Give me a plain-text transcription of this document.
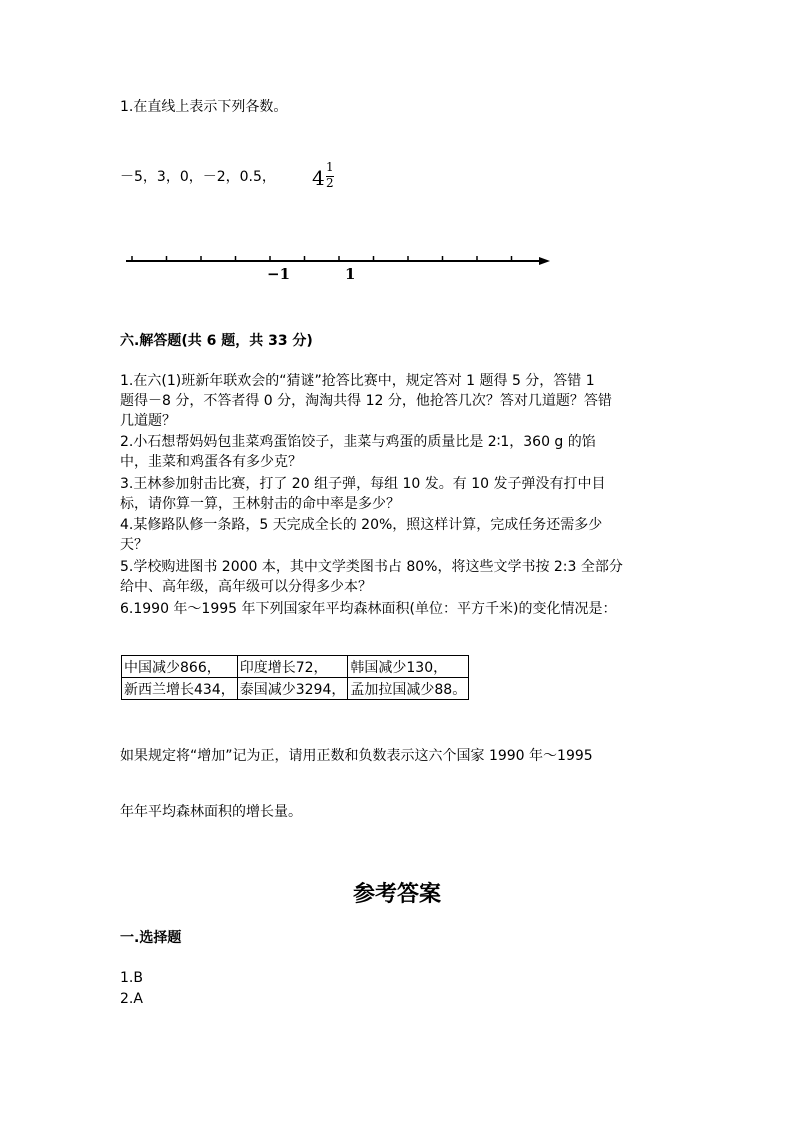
1.在直线上表示下列各数。
－5，3，0，－2，0.5， 4 1
2
−1	1
六.解答题(共 6 题，共 33 分)
1.在六(1)班新年联欢会的“猜谜”抢答比赛中，规定答对 1 题得 5 分，答错 1
题得－8 分，不答者得 0 分，淘淘共得 12 分，他抢答几次？答对几道题？答错
几道题？
2.小石想帮妈妈包韭菜鸡蛋馅饺子，韭菜与鸡蛋的质量比是 2∶1，360 g 的馅
中，韭菜和鸡蛋各有多少克？
3.王林参加射击比赛，打了 20 组子弹，每组 10 发。有 10 发子弹没有打中目
标，请你算一算，王林射击的命中率是多少？
4.某修路队修一条路，5 天完成全长的 20%，照这样计算，完成任务还需多少
天？
5.学校购进图书 2000 本，其中文学类图书占 80%，将这些文学书按 2:3 全部分
给中、高年级，高年级可以分得多少本？
6.1990 年～1995 年下列国家年平均森林面积(单位：平方千米)的变化情况是：
中国减少866，	印度增长72，	韩国减少130，
新西兰增长434，	泰国减少3294，	孟加拉国减少88。
如果规定将“增加”记为正，请用正数和负数表示这六个国家 1990 年～1995
年年平均森林面积的增长量。
参考答案
一.选择题
1.B
2.A
